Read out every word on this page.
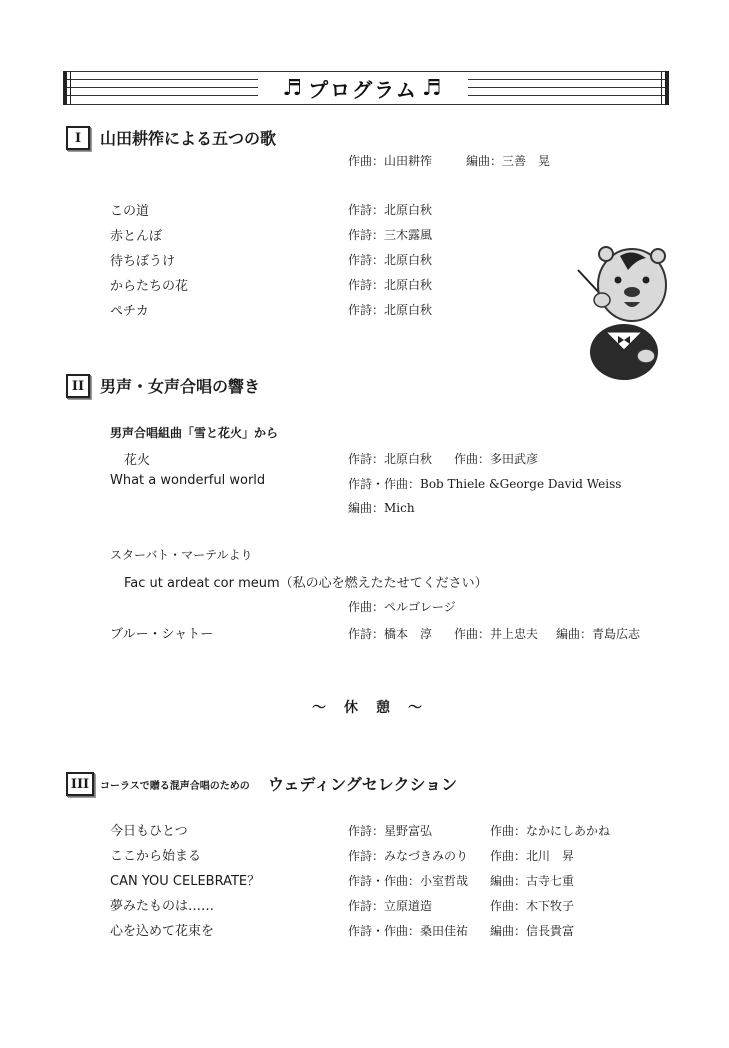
♬ プログラム ♬
I	山田耕筰による五つの歌
作曲：山田耕筰	編曲：三善　晃
この道	作詩：北原白秋
赤とんぼ	作詩：三木露風
待ちぼうけ	作詩：北原白秋
からたちの花	作詩：北原白秋
ペチカ	作詩：北原白秋
II 男声・女声合唱の響き
男声合唱組曲「雪と花火」から
花火	作詩：北原白秋 作曲：多田武彦
What a wonderful world	作詩・作曲：Bob Thiele &George David Weiss
編曲：Mich
スターバト・マーテルより
Fac ut ardeat cor meum（私の心を燃えたたせてください）
作曲：ペルゴレージ
ブルー・シャトー	作詩：橋本　淳 作曲：井上忠夫 編曲：青島広志
〜　休　憩　〜
III	コーラスで贈る混声合唱のための ウェディングセレクション
今日もひとつ	作詩：星野富弘	作曲：なかにしあかね
ここから始まる	作詩：みなづきみのり 作曲：北川　昇
CAN YOU CELEBRATE？	作詩・作曲：小室哲哉 編曲：古寺七重
夢みたものは……	作詩：立原道造	作曲：木下牧子
心を込めて花束を	作詩・作曲：桑田佳祐 編曲：信長貴富
